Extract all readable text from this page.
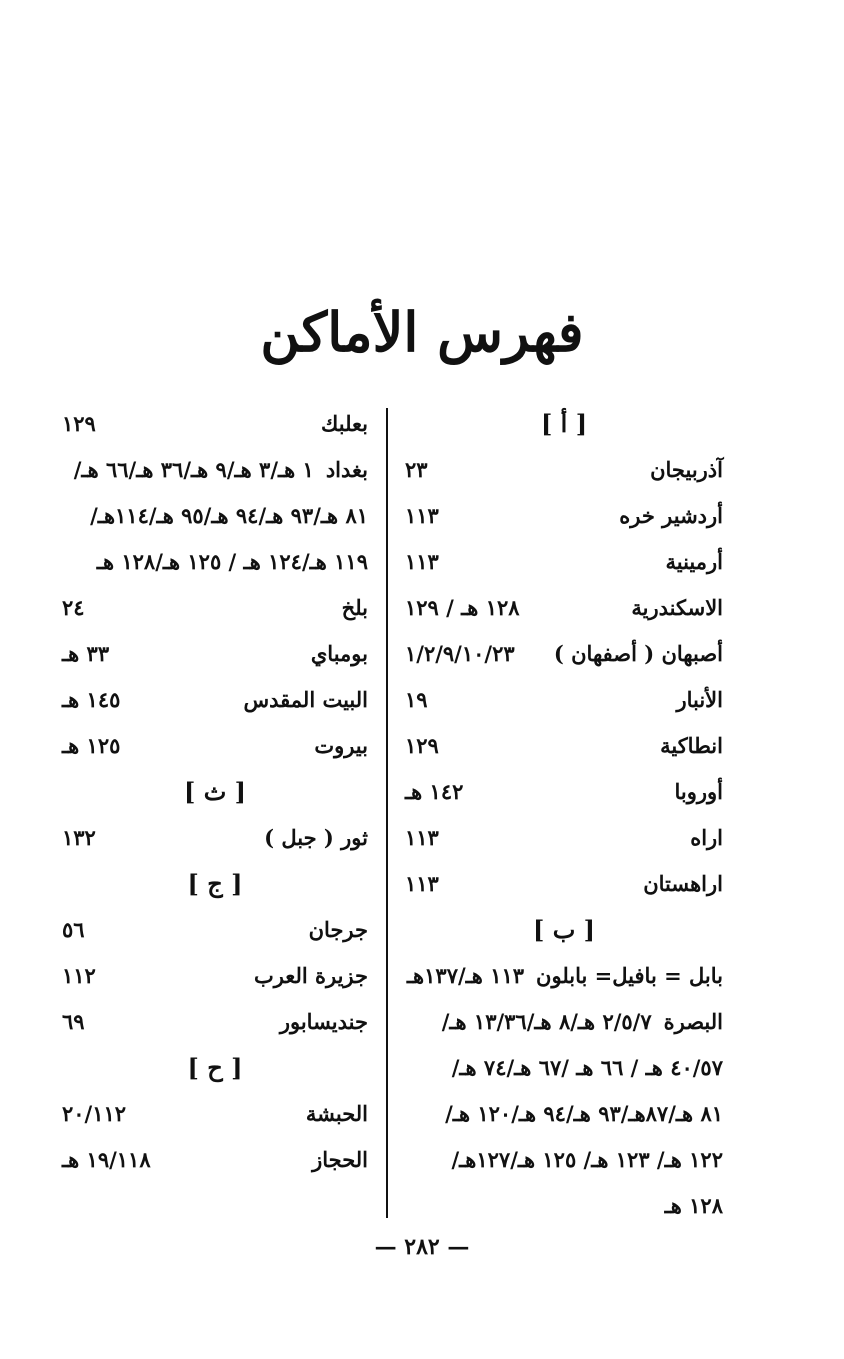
فهرس الأماكن
[ أ ]
آذربيجان
٢٣
أردشير خره
١١٣
أرمينية
١١٣
الاسكندرية
١٢٨ هـ / ١٢٩
أصبهان ( أصفهان )
١/٢/٩/١٠/٢٣
الأنبار
١٩
انطاكية
١٢٩
أوروبا
١٤٢ هـ
اراه
١١٣
اراهستان
١١٣
[ ب ]
بابل = بافيل= بابلون
١١٣ هـ/١٣٧هـ
البصرة
٢/٥/٧ هـ/٨ هـ/١٣/٣٦ هـ/
٤٠/٥٧ هـ / ٦٦ هـ /٦٧ هـ/٧٤ هـ/
٨١ هـ/٨٧هـ/٩٣ هـ/٩٤ هـ/١٢٠ هـ/
١٢٢ هـ/ ١٢٣ هـ/ ١٢٥ هـ/١٢٧هـ/
١٢٨ هـ
بعلبك
١٢٩
بغداد
١ هـ/٣ هـ/٩ هـ/٣٦ هـ/٦٦ هـ/
٨١ هـ/٩٣ هـ/٩٤ هـ/٩٥ هـ/١١٤هـ/
١١٩ هـ/١٢٤ هـ / ١٢٥ هـ/١٢٨ هـ
بلخ
٢٤
بومباي
٣٣ هـ
البيت المقدس
١٤٥ هـ
بيروت
١٢٥ هـ
[ ث ]
ثور ( جبل )
١٣٢
[ ج ]
جرجان
٥٦
جزيرة العرب
١١٢
جنديسابور
٦٩
[ ح ]
الحبشة
٢٠/١١٢
الحجاز
١٩/١١٨ هـ
— ٢٨٢ —
